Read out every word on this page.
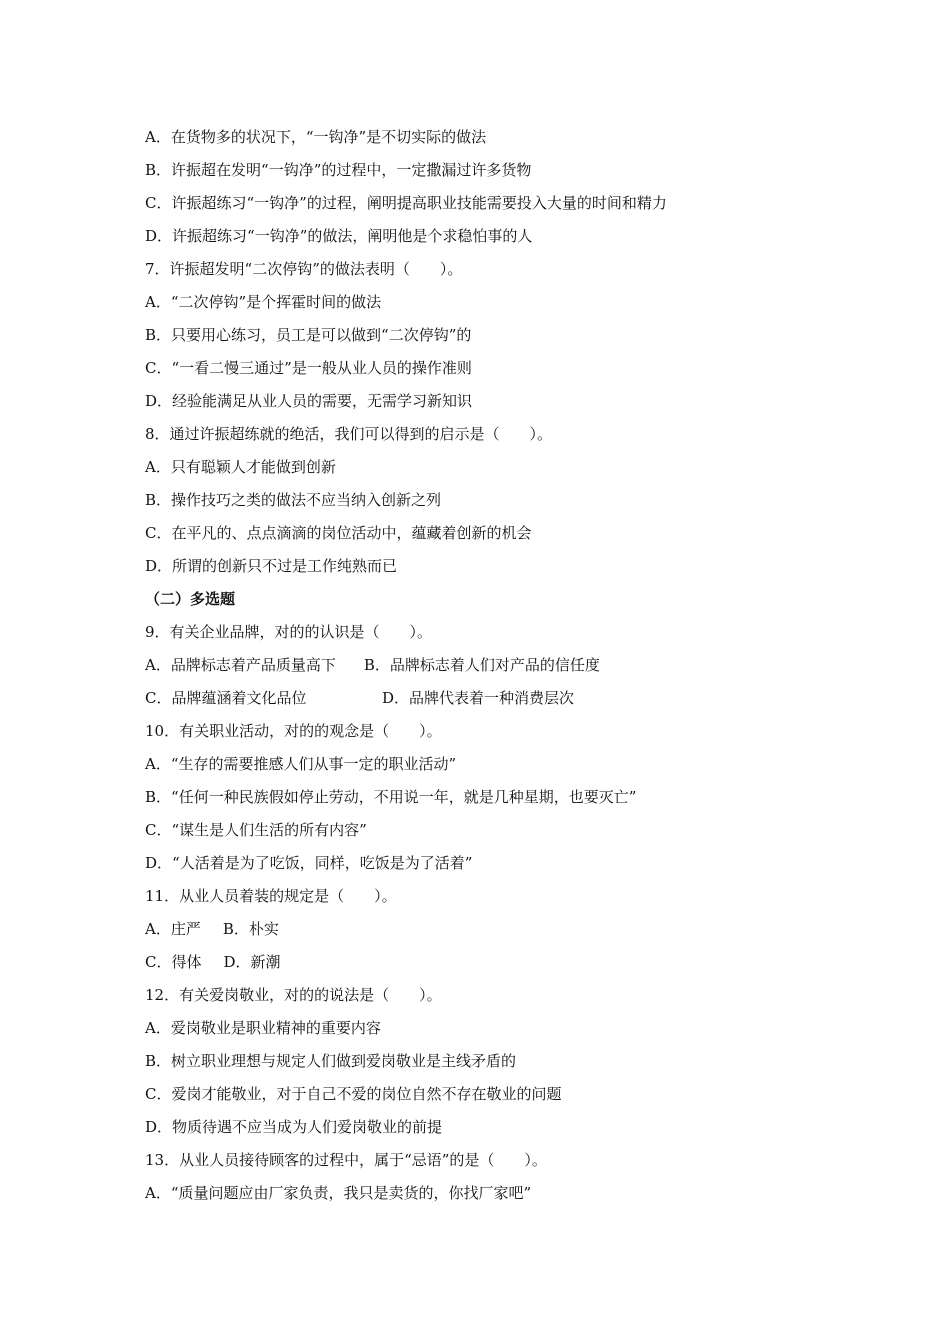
A．在货物多的状况下，“一钩净”是不切实际的做法
B．许振超在发明“一钩净”的过程中，一定撒漏过许多货物
C．许振超练习“一钩净”的过程，阐明提高职业技能需要投入大量的时间和精力
D．许振超练习“一钩净”的做法，阐明他是个求稳怕事的人
7．许振超发明“二次停钩”的做法表明（　　）。
A．“二次停钩”是个挥霍时间的做法
B．只要用心练习，员工是可以做到“二次停钩”的
C．“一看二慢三通过”是一般从业人员的操作准则
D．经验能满足从业人员的需要，无需学习新知识
8．通过许振超练就的绝活，我们可以得到的启示是（　　）。
A．只有聪颖人才能做到创新
B．操作技巧之类的做法不应当纳入创新之列
C．在平凡的、点点滴滴的岗位活动中，蕴藏着创新的机会
D．所谓的创新只不过是工作纯熟而已
（二）多选题
9．有关企业品牌，对的的认识是（　　）。
A．品牌标志着产品质量高下 B．品牌标志着人们对产品的信任度
C．品牌蕴涵着文化品位	D．品牌代表着一种消费层次
10．有关职业活动，对的的观念是（　　）。
A．“生存的需要推感人们从事一定的职业活动”
B．“任何一种民族假如停止劳动，不用说一年，就是几种星期，也要灭亡”
C．“谋生是人们生活的所有内容”
D．“人活着是为了吃饭，同样，吃饭是为了活着”
11．从业人员着装的规定是（　　）。
A．庄严 B．朴实
C．得体 D．新潮
12．有关爱岗敬业，对的的说法是（　　）。
A．爱岗敬业是职业精神的重要内容
B．树立职业理想与规定人们做到爱岗敬业是主线矛盾的
C．爱岗才能敬业，对于自己不爱的岗位自然不存在敬业的问题
D．物质待遇不应当成为人们爱岗敬业的前提
13．从业人员接待顾客的过程中，属于“忌语”的是（　　）。
A．“质量问题应由厂家负责，我只是卖货的，你找厂家吧”
